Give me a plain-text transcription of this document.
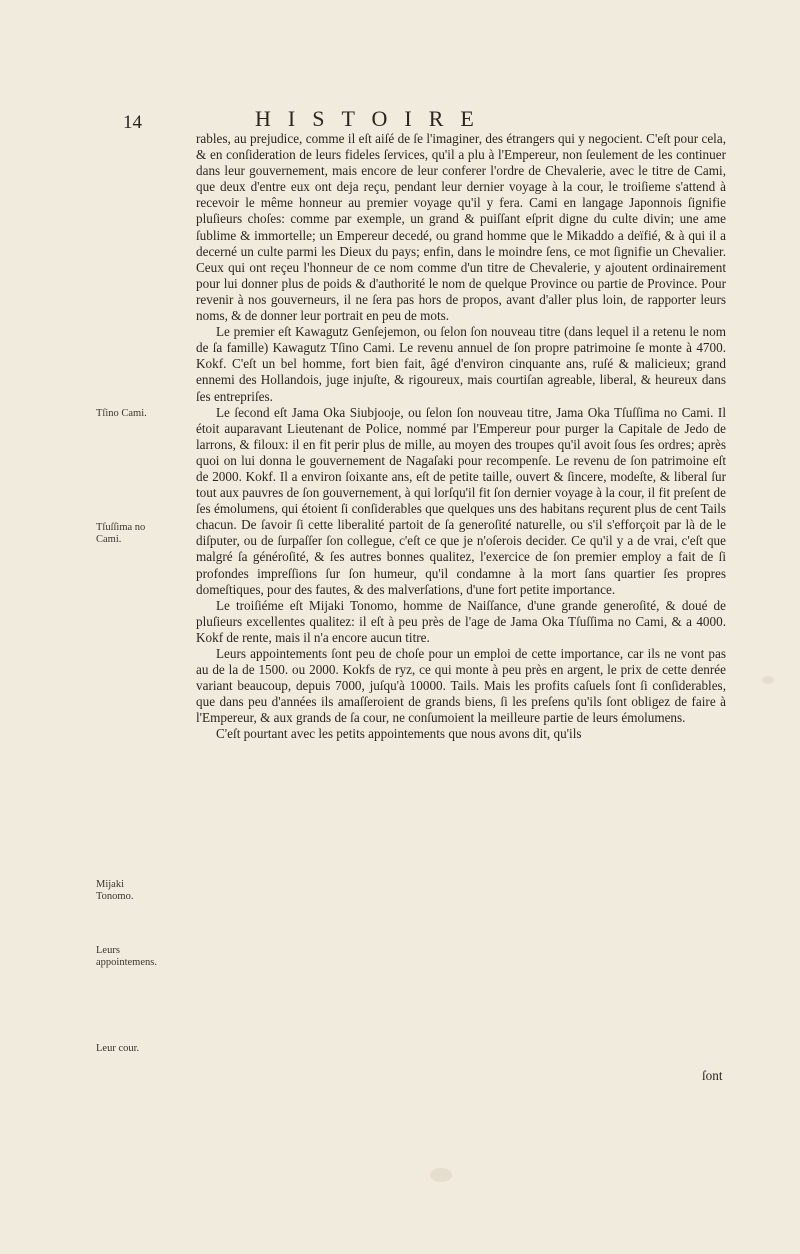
14	HISTOIRE

rables, au prejudice, comme il eſt aiſé de ſe l'imaginer, des étrangers qui y negocient. C'eſt pour cela, & en conſideration de leurs fideles ſervices, qu'il a plu à l'Empereur, non ſeulement de les continuer dans leur gouvernement, mais encore de leur conferer l'ordre de Chevalerie, avec le titre de Cami, que deux d'entre eux ont deja reçu, pendant leur dernier voyage à la cour, le troiſieme s'attend à recevoir le même honneur au premier voyage qu'il y fera. Cami en langage Japonnois ſignifie pluſieurs choſes: comme par exemple, un grand & puiſſant eſprit digne du culte divin; une ame ſublime & immortelle; un Empereur decedé, ou grand homme que le Mikaddo a deïfié, & à qui il a decerné un culte parmi les Dieux du pays; enfin, dans le moindre ſens, ce mot ſignifie un Chevalier. Ceux qui ont reçeu l'honneur de ce nom comme d'un titre de Chevalerie, y ajoutent ordinairement pour lui donner plus de poids & d'authorité le nom de quelque Province ou partie de Province. Pour revenir à nos gouverneurs, il ne ſera pas hors de propos, avant d'aller plus loin, de rapporter leurs noms, & de donner leur portrait en peu de mots.

Le premier eſt Kawagutz Genſejemon, ou ſelon ſon nouveau titre (dans lequel il a retenu le nom de ſa famille) Kawagutz Tſino Cami. Le revenu annuel de ſon propre patrimoine ſe monte à 4700. Kokf. C'eſt un bel homme, fort bien fait, âgé d'environ cinquante ans, ruſé & malicieux; grand ennemi des Hollandois, juge injuſte, & rigoureux, mais courtiſan agreable, liberal, & heureux dans ſes entrepriſes.

Le ſecond eſt Jama Oka Siubjooje, ou ſelon ſon nouveau titre, Jama Oka Tſuſſima no Cami. Il étoit auparavant Lieutenant de Police, nommé par l'Empereur pour purger la Capitale de Jedo de larrons, & filoux: il en fit perir plus de mille, au moyen des troupes qu'il avoit ſous ſes ordres; après quoi on lui donna le gouvernement de Nagaſaki pour recompenſe. Le revenu de ſon patrimoine eſt de 2000. Kokf. Il a environ ſoixante ans, eſt de petite taille, ouvert & ſincere, modeſte, & liberal ſur tout aux pauvres de ſon gouvernement, à qui lorſqu'il fit ſon dernier voyage à la cour, il fit preſent de ſes émolumens, qui étoient ſi conſiderables que quelques uns des habitans reçurent plus de cent Tails chacun. De ſavoir ſi cette liberalité partoit de ſa generoſité naturelle, ou s'il s'efforçoit par là de le diſputer, ou de ſurpaſſer ſon collegue, c'eſt ce que je n'oſerois decider. Ce qu'il y a de vrai, c'eſt que malgré ſa généroſité, & ſes autres bonnes qualitez, l'exercice de ſon premier employ a fait de ſi profondes impreſſions ſur ſon humeur, qu'il condamne à la mort ſans quartier ſes propres domeſtiques, pour des fautes, & des malverſations, d'une fort petite importance.

Le troiſiéme eſt Mijaki Tonomo, homme de Naiſſance, d'une grande generoſité, & doué de pluſieurs excellentes qualitez: il eſt à peu près de l'age de Jama Oka Tſuſſima no Cami, & a 4000. Kokf de rente, mais il n'a encore aucun titre.

Leurs appointements ſont peu de choſe pour un emploi de cette importance, car ils ne vont pas au de la de 1500. ou 2000. Kokfs de ryz, ce qui monte à peu près en argent, le prix de cette denrée variant beaucoup, depuis 7000, juſqu'à 10000. Tails. Mais les profits caſuels ſont ſi conſiderables, que dans peu d'années ils amaſſeroient de grands biens, ſi les preſens qu'ils ſont obligez de faire à l'Empereur, & aux grands de ſa cour, ne conſumoient la meilleure partie de leurs émolumens.

C'eſt pourtant avec les petits appointements que nous avons dit, qu'ils

Tſino Cami.
Tſuſſima no Cami.
Mijaki Tonomo.
Leurs appointemens.
Leur cour.
ſont
